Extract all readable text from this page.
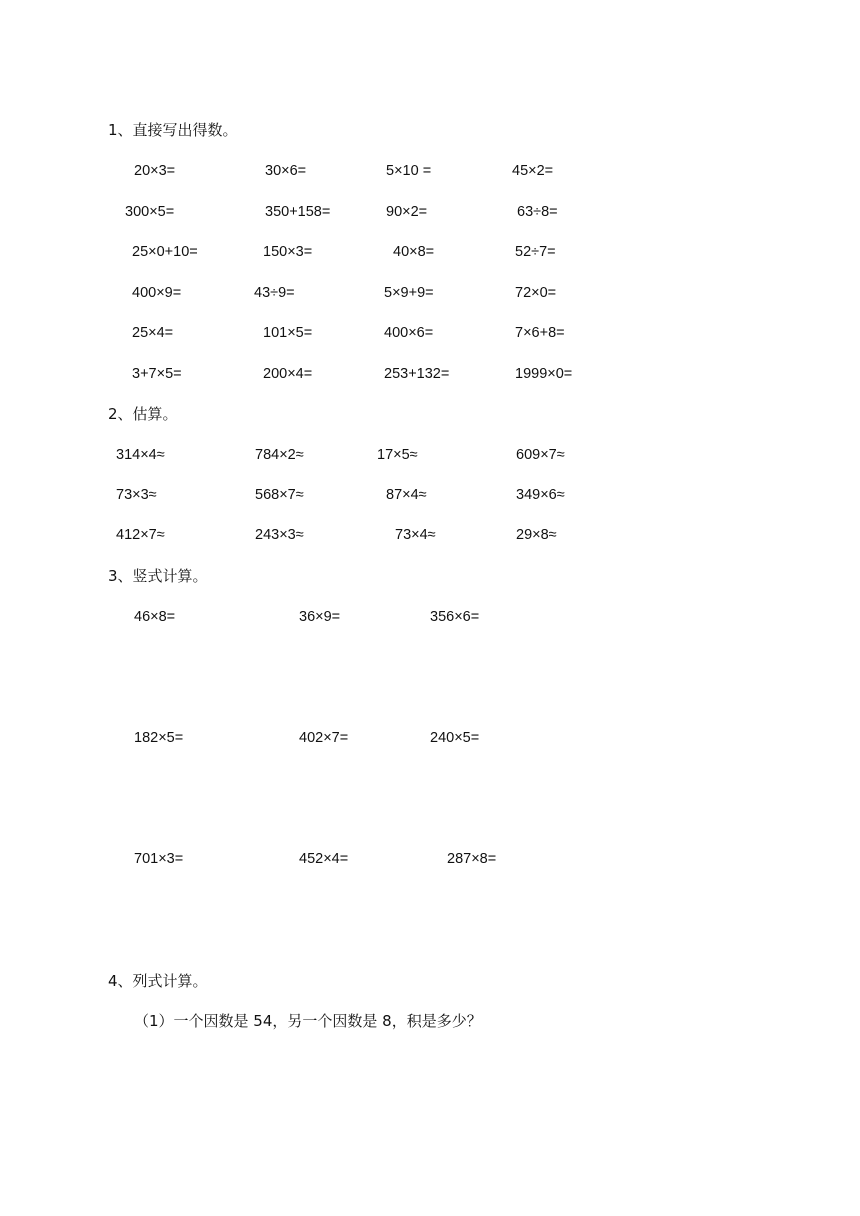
1、直接写出得数。
20×3=	30×6=	5×10 =	45×2=
300×5=	350+158=	90×2=	63÷8=
25×0+10=	150×3=	40×8=	52÷7=
400×9=	43÷9=	5×9+9=	72×0=
25×4=	101×5=	400×6=	7×6+8=
3+7×5=	200×4=	253+132=	1999×0=
2、估算。
314×4≈	784×2≈	17×5≈	609×7≈
73×3≈	568×7≈	87×4≈	349×6≈
412×7≈	243×3≈	73×4≈	29×8≈
3、竖式计算。
46×8=	36×9=	356×6=
182×5=	402×7=	240×5=
701×3=	452×4=	287×8=
4、列式计算。
（1）一个因数是 54，另一个因数是 8，积是多少？
